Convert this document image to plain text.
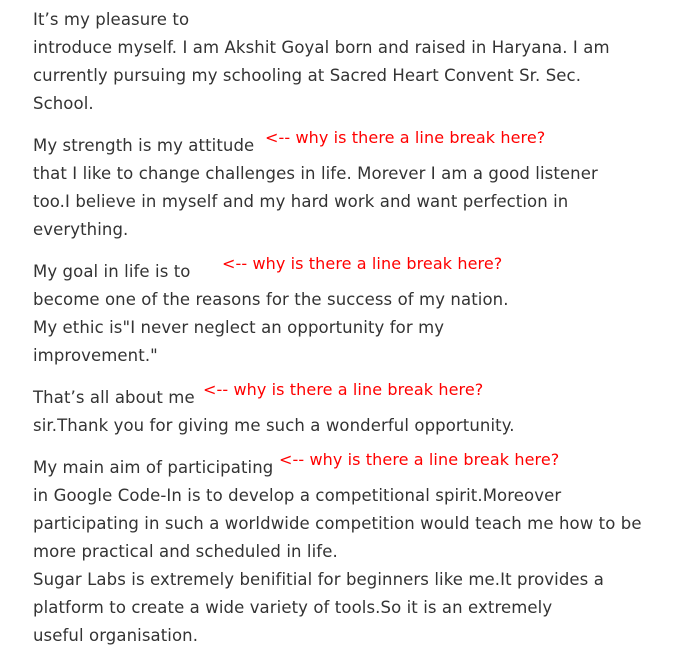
It’s my pleasure to
introduce myself. I am Akshit Goyal born and raised in Haryana. I am
currently pursuing my schooling at Sacred Heart Convent Sr. Sec.
School.
My strength is my attitude <-- why is there a line break here?
that I like to change challenges in life. Morever I am a good listener
too.I believe in myself and my hard work and want perfection in
everything.
My goal in life is to <-- why is there a line break here?
become one of the reasons for the success of my nation.
My ethic is"I never neglect an opportunity for my
improvement."
That’s all about me <-- why is there a line break here?
sir.Thank you for giving me such a wonderful opportunity.
My main aim of participating <-- why is there a line break here?
in Google Code-In is to develop a competitional spirit.Moreover
participating in such a worldwide competition would teach me how to be
more practical and scheduled in life.
Sugar Labs is extremely benifitial for beginners like me.It provides a
platform to create a wide variety of tools.So it is an extremely
useful organisation.
